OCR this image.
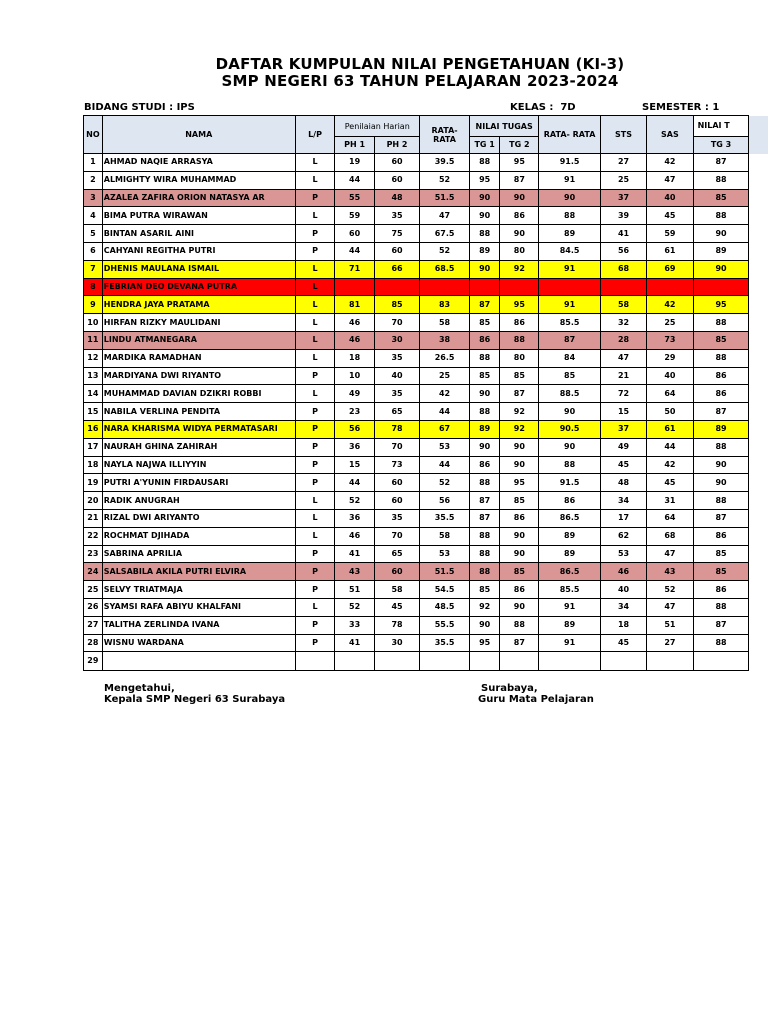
DAFTAR KUMPULAN NILAI PENGETAHUAN (KI-3)
SMP NEGERI 63 TAHUN PELAJARAN 2023-2024
BIDANG STUDI : IPS	KELAS :  7D	SEMESTER : 1
NO	NAMA	L/P	Penilaian Harian		RATA-RATA	NILAI TUGAS		RATA- RATA	STS	SAS	NILAI T	
			PH 1	PH 2		TG 1	TG 2				TG 3	
1	AHMAD NAQIE ARRASYA	L	19	60	39.5	88	95	91.5	27	42	87	
2	ALMIGHTY WIRA MUHAMMAD	L	44	60	52	95	87	91	25	47	88	
3	AZALEA ZAFIRA ORION NATASYA AR	P	55	48	51.5	90	90	90	37	40	85	
4	BIMA PUTRA WIRAWAN	L	59	35	47	90	86	88	39	45	88	
5	BINTAN ASARIL AINI	P	60	75	67.5	88	90	89	41	59	90	
6	CAHYANI REGITHA PUTRI	P	44	60	52	89	80	84.5	56	61	89	
7	DHENIS MAULANA ISMAIL	L	71	66	68.5	90	92	91	68	69	90	
8	FEBRIAN DEO DEVANA PUTRA	L										
9	HENDRA JAYA PRATAMA	L	81	85	83	87	95	91	58	42	95	
10	HIRFAN RIZKY MAULIDANI	L	46	70	58	85	86	85.5	32	25	88	
11	LINDU ATMANEGARA	L	46	30	38	86	88	87	28	73	85	
12	MARDIKA RAMADHAN	L	18	35	26.5	88	80	84	47	29	88	
13	MARDIYANA DWI RIYANTO	P	10	40	25	85	85	85	21	40	86	
14	MUHAMMAD DAVIAN DZIKRI ROBBI	L	49	35	42	90	87	88.5	72	64	86	
15	NABILA VERLINA PENDITA	P	23	65	44	88	92	90	15	50	87	
16	NARA KHARISMA WIDYA PERMATASARI	P	56	78	67	89	92	90.5	37	61	89	
17	NAURAH GHINA ZAHIRAH	P	36	70	53	90	90	90	49	44	88	
18	NAYLA NAJWA ILLIYYIN	P	15	73	44	86	90	88	45	42	90	
19	PUTRI A'YUNIN FIRDAUSARI	P	44	60	52	88	95	91.5	48	45	90	
20	RADIK ANUGRAH	L	52	60	56	87	85	86	34	31	88	
21	RIZAL DWI ARIYANTO	L	36	35	35.5	87	86	86.5	17	64	87	
22	ROCHMAT DJIHADA	L	46	70	58	88	90	89	62	68	86	
23	SABRINA APRILIA	P	41	65	53	88	90	89	53	47	85	
24	SALSABILA AKILA PUTRI ELVIRA	P	43	60	51.5	88	85	86.5	46	43	85	
25	SELVY TRIATMAJA	P	51	58	54.5	85	86	85.5	40	52	86	
26	SYAMSI RAFA ABIYU KHALFANI	L	52	45	48.5	92	90	91	34	47	88	
27	TALITHA ZERLINDA IVANA	P	33	78	55.5	90	88	89	18	51	87	
28	WISNU WARDANA	P	41	30	35.5	95	87	91	45	27	88	
29												
Mengetahui,
Kepala SMP Negeri 63 Surabaya
Surabaya,
Guru Mata Pelajaran
